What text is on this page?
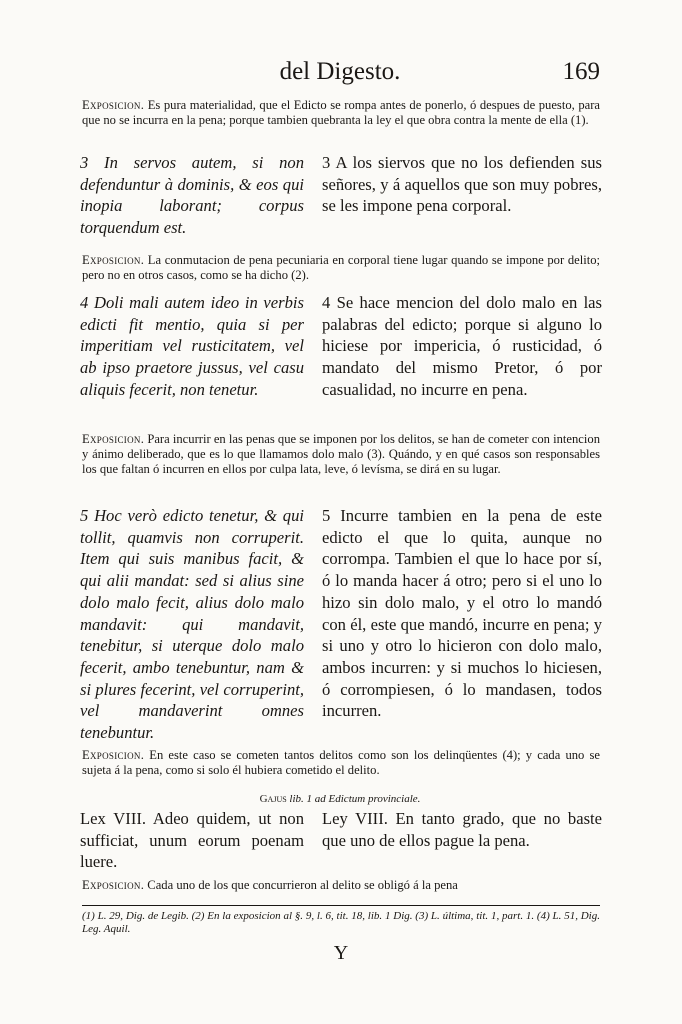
del Digesto.	169
Exposicion. Es pura materialidad, que el Edicto se rompa antes de ponerlo, ó despues de puesto, para que no se incurra en la pena; porque tambien quebranta la ley el que obra contra la mente de ella (1).
3 In servos autem, si non defenduntur à dominis, & eos qui inopia laborant; corpus torquendum est.
3 A los siervos que no los defienden sus señores, y á aquellos que son muy pobres, se les impone pena corporal.
Exposicion. La conmutacion de pena pecuniaria en corporal tiene lugar quando se impone por delito; pero no en otros casos, como se ha dicho (2).
4 Doli mali autem ideo in verbis edicti fit mentio, quia si per imperitiam vel rusticitatem, vel ab ipso praetore jussus, vel casu aliquis fecerit, non tenetur.
4 Se hace mencion del dolo malo en las palabras del edicto; porque si alguno lo hiciese por impericia, ó rusticidad, ó mandato del mismo Pretor, ó por casualidad, no incurre en pena.
Exposicion. Para incurrir en las penas que se imponen por los delitos, se han de cometer con intencion y ánimo deliberado, que es lo que llamamos dolo malo (3). Quándo, y en qué casos son responsables los que faltan ó incurren en ellos por culpa lata, leve, ó levísma, se dirá en su lugar.
5 Hoc verò edicto tenetur, & qui tollit, quamvis non corruperit. Item qui suis manibus facit, & qui alii mandat: sed si alius sine dolo malo fecit, alius dolo malo mandavit: qui mandavit, tenebitur, si uterque dolo malo fecerit, ambo tenebuntur, nam & si plures fecerint, vel corruperint, vel mandaverint omnes tenebuntur.
5 Incurre tambien en la pena de este edicto el que lo quita, aunque no corrompa. Tambien el que lo hace por sí, ó lo manda hacer á otro; pero si el uno lo hizo sin dolo malo, y el otro lo mandó con él, este que mandó, incurre en pena; y si uno y otro lo hicieron con dolo malo, ambos incurren: y si muchos lo hiciesen, ó corrompiesen, ó lo mandasen, todos incurren.
Exposicion. En este caso se cometen tantos delitos como son los delinqüentes (4); y cada uno se sujeta á la pena, como si solo él hubiera cometido el delito.
Gajus lib. 1 ad Edictum provinciale.
Lex VIII. Adeo quidem, ut non sufficiat, unum eorum poenam luere.
Ley VIII. En tanto grado, que no baste que uno de ellos pague la pena.
Exposicion. Cada uno de los que concurrieron al delito se obligó á la pena
(1) L. 29, Dig. de Legib. (2) En la exposicion al §. 9, l. 6, tit. 18, lib. 1 Dig. (3) L. última, tit. 1, part. 1. (4) L. 51, Dig. Leg. Aquil.
Y
